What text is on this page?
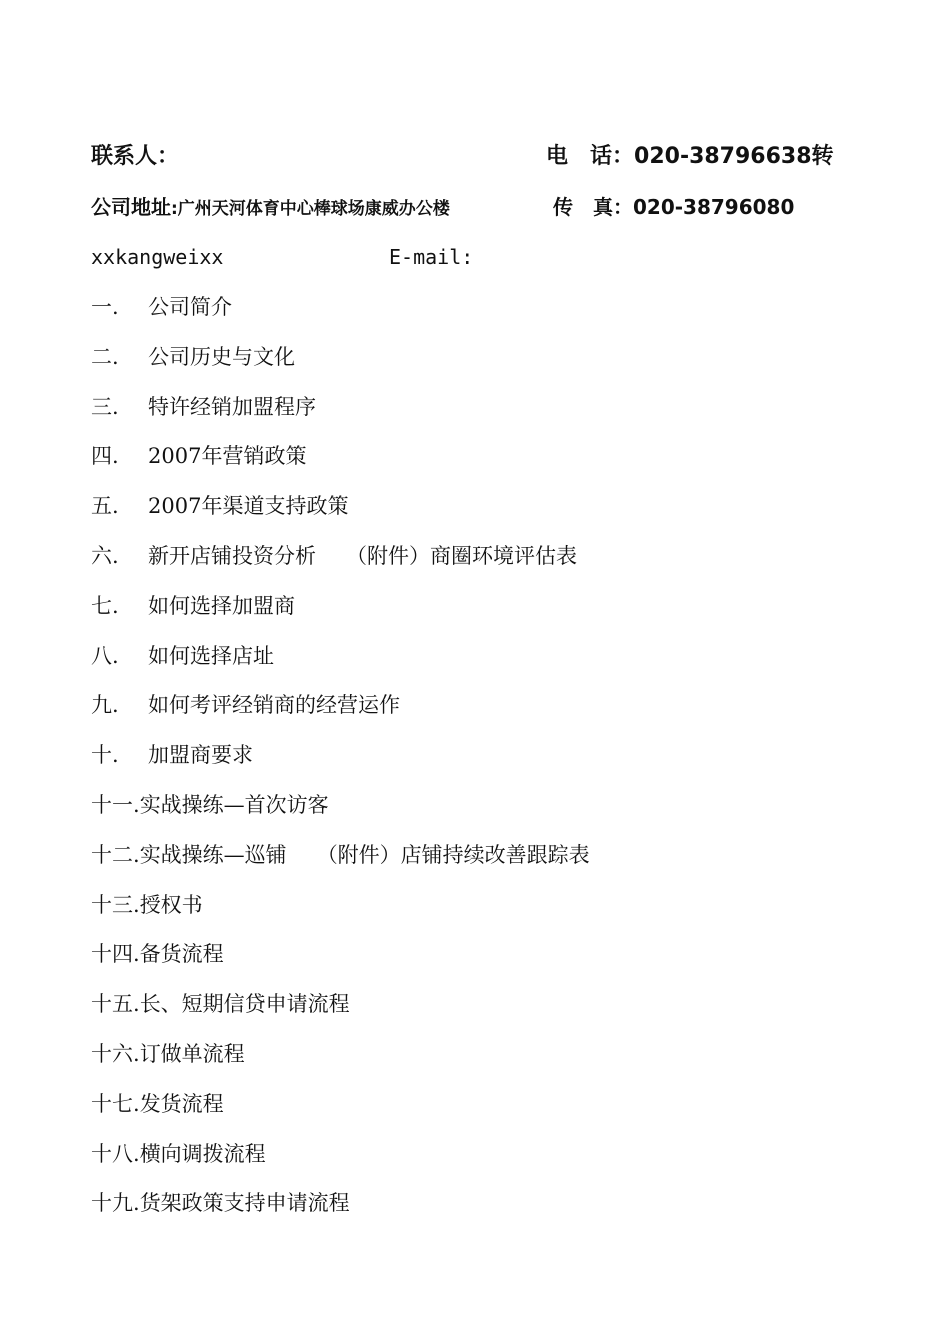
联系人：	电　话：020-38796638转
公司地址:广州天河体育中心棒球场康威办公楼	传　真：020-38796080
xxkangweixx	E-mail:
一.	公司简介
二.	公司历史与文化
三.	特许经销加盟程序
四.	2007年营销政策
五.	2007年渠道支持政策
六.	新开店铺投资分析 （附件）商圈环境评估表
七.	如何选择加盟商
八.	如何选择店址
九.	如何考评经销商的经营运作
十.	加盟商要求
十一. 实战操练—首次访客
十二. 实战操练—巡铺 （附件）店铺持续改善跟踪表
十三. 授权书
十四. 备货流程
十五. 长、短期信贷申请流程
十六. 订做单流程
十七. 发货流程
十八. 横向调拨流程
十九. 货架政策支持申请流程
